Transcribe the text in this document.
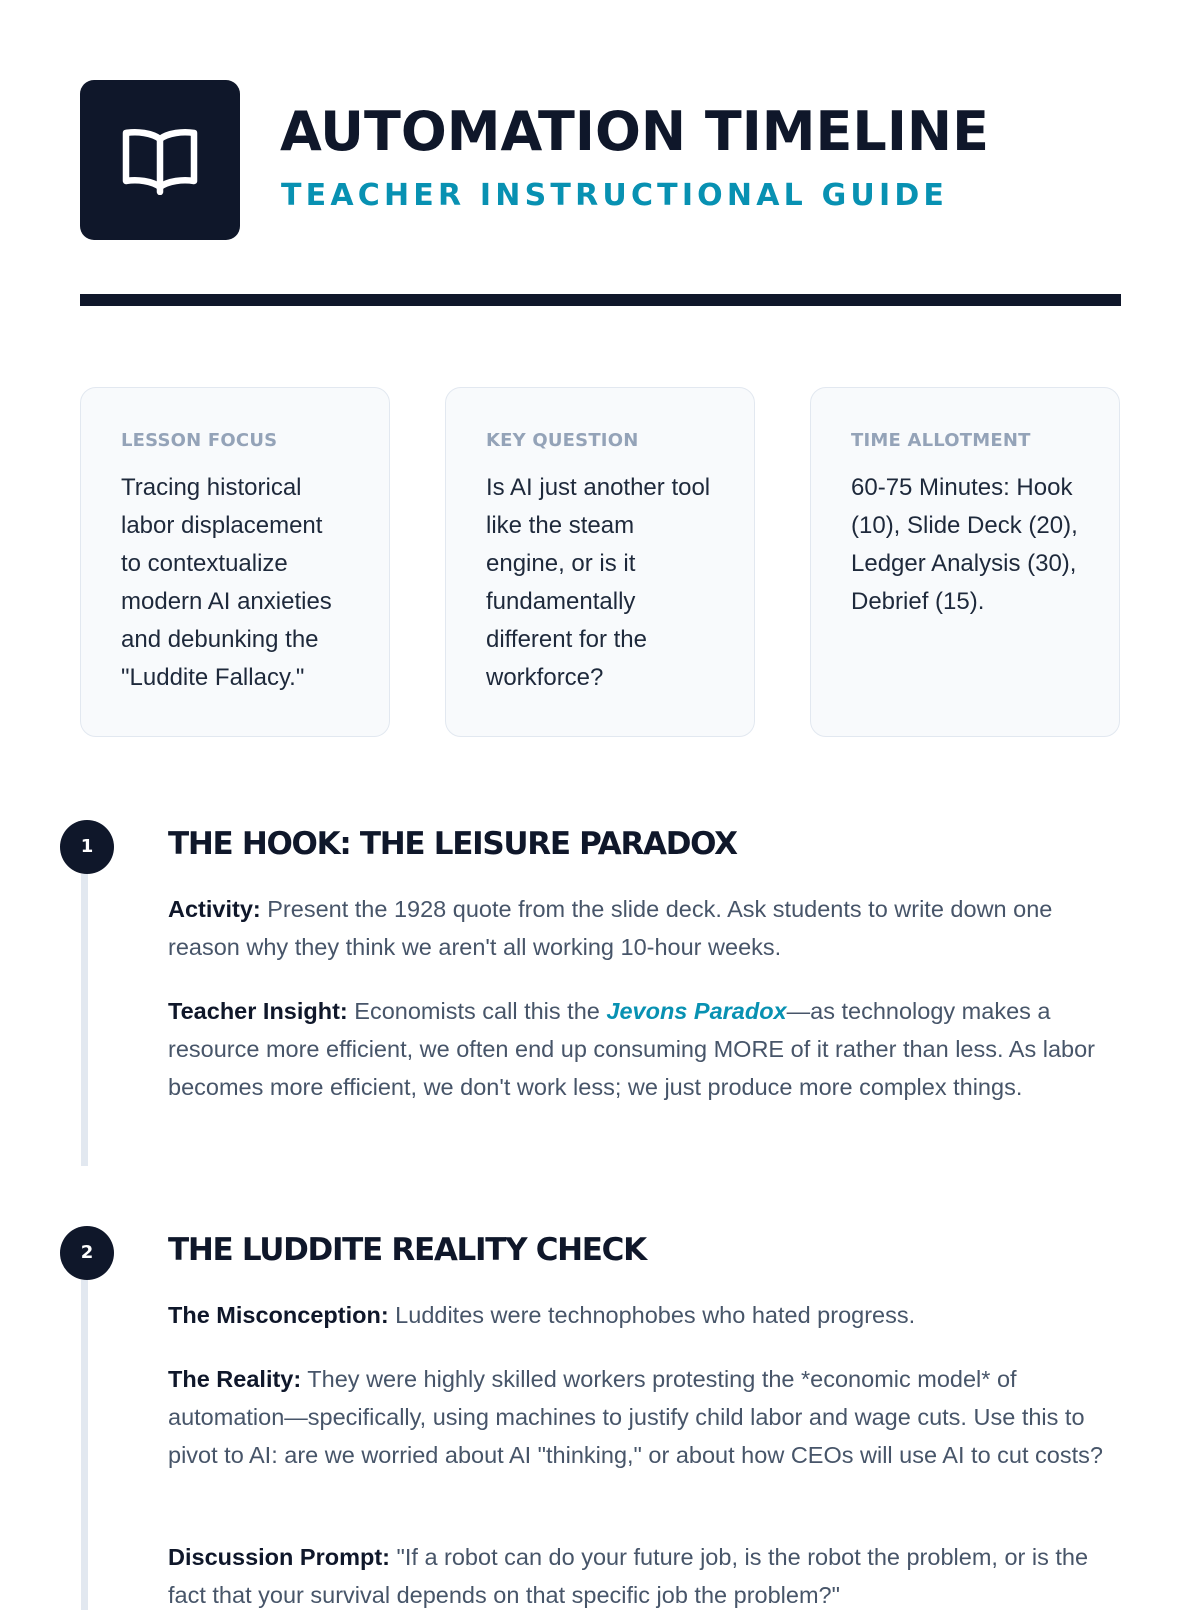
AUTOMATION TIMELINE
TEACHER INSTRUCTIONAL GUIDE
LESSON FOCUS
Tracing historical labor displacement to contextualize modern AI anxieties and debunking the "Luddite Fallacy."
KEY QUESTION
Is AI just another tool like the steam engine, or is it fundamentally different for the workforce?
TIME ALLOTMENT
60-75 Minutes: Hook (10), Slide Deck (20), Ledger Analysis (30), Debrief (15).
1	THE HOOK: THE LEISURE PARADOX
Activity: Present the 1928 quote from the slide deck. Ask students to write down one reason why they think we aren't all working 10-hour weeks.
Teacher Insight: Economists call this the Jevons Paradox—as technology makes a resource more efficient, we often end up consuming MORE of it rather than less. As labor becomes more efficient, we don't work less; we just produce more complex things.
2	THE LUDDITE REALITY CHECK
The Misconception: Luddites were technophobes who hated progress.
The Reality: They were highly skilled workers protesting the *economic model* of automation—specifically, using machines to justify child labor and wage cuts. Use this to pivot to AI: are we worried about AI "thinking," or about how CEOs will use AI to cut costs?
Discussion Prompt: "If a robot can do your future job, is the robot the problem, or is the fact that your survival depends on that specific job the problem?"
